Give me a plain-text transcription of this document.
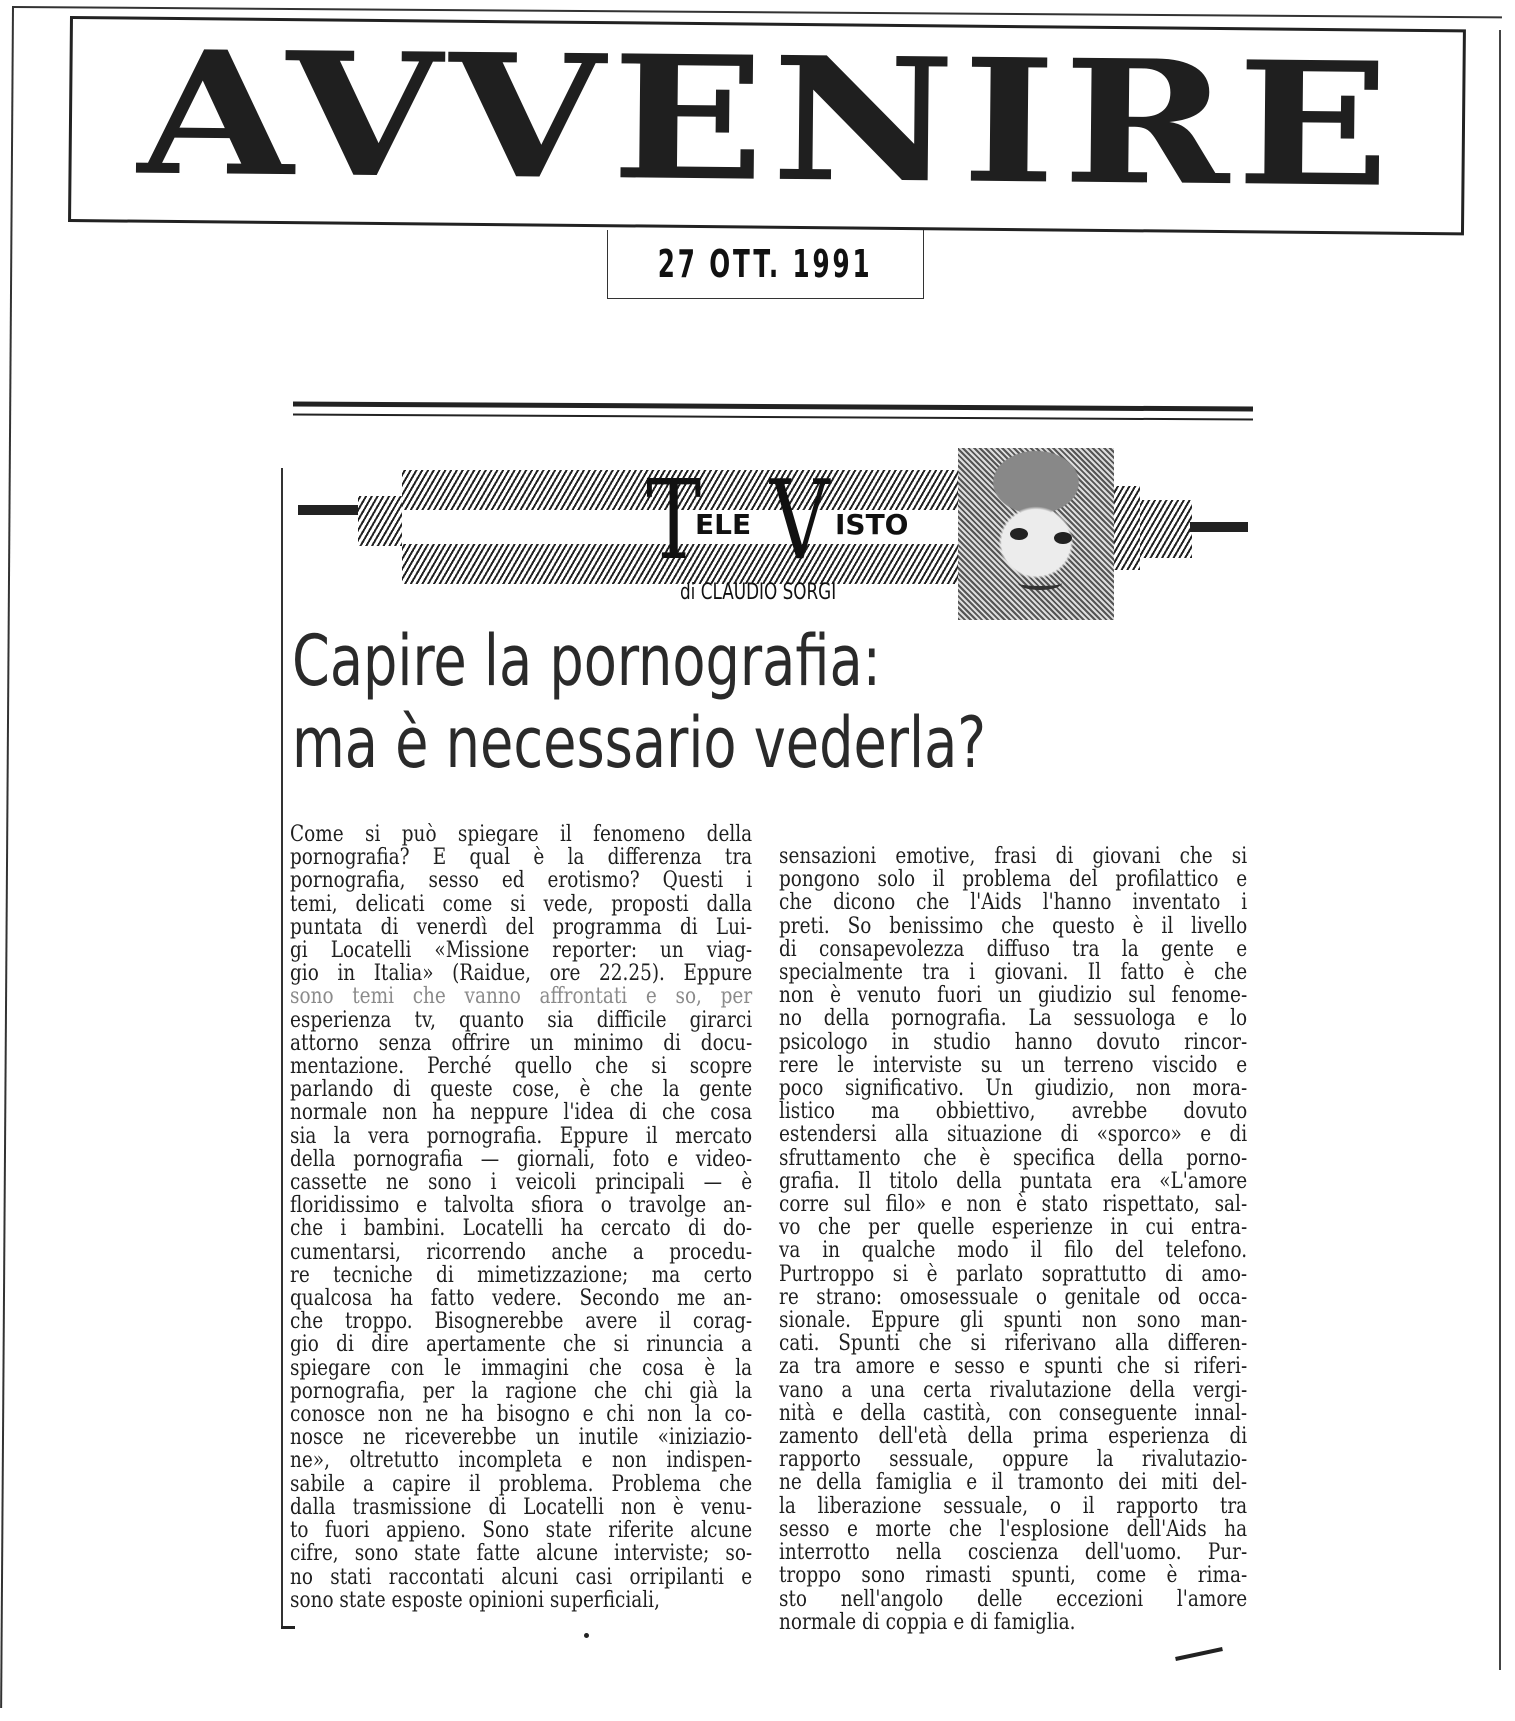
AVVENIRE
27 OTT. 1991
T
ELE V ISTO
di CLAUDIO SORGI
Capire la pornografia:
ma è necessario vederla?
Come si può spiegare il fenomeno della
pornografia? E qual è la differenza tra
pornografia, sesso ed erotismo? Questi i
temi, delicati come si vede, proposti dalla
puntata di venerdì del programma di Lui-
gi Locatelli «Missione reporter: un viag-
gio in Italia» (Raidue, ore 22.25). Eppure
sono temi che vanno affrontati e so, per
esperienza tv, quanto sia difficile girarci
attorno senza offrire un minimo di docu-
mentazione. Perché quello che si scopre
parlando di queste cose, è che la gente
normale non ha neppure l'idea di che cosa
sia la vera pornografia. Eppure il mercato
della pornografia — giornali, foto e video-
cassette ne sono i veicoli principali — è
floridissimo e talvolta sfiora o travolge an-
che i bambini. Locatelli ha cercato di do-
cumentarsi, ricorrendo anche a procedu-
re tecniche di mimetizzazione; ma certo
qualcosa ha fatto vedere. Secondo me an-
che troppo. Bisognerebbe avere il corag-
gio di dire apertamente che si rinuncia a
spiegare con le immagini che cosa è la
pornografia, per la ragione che chi già la
conosce non ne ha bisogno e chi non la co-
nosce ne riceverebbe un inutile «iniziazio-
ne», oltretutto incompleta e non indispen-
sabile a capire il problema. Problema che
dalla trasmissione di Locatelli non è venu-
to fuori appieno. Sono state riferite alcune
cifre, sono state fatte alcune interviste; so-
no stati raccontati alcuni casi orripilanti e
sono state esposte opinioni superficiali,
sensazioni emotive, frasi di giovani che si
pongono solo il problema del profilattico e
che dicono che l'Aids l'hanno inventato i
preti. So benissimo che questo è il livello
di consapevolezza diffuso tra la gente e
specialmente tra i giovani. Il fatto è che
non è venuto fuori un giudizio sul fenome-
no della pornografia. La sessuologa e lo
psicologo in studio hanno dovuto rincor-
rere le interviste su un terreno viscido e
poco significativo. Un giudizio, non mora-
listico ma obbiettivo, avrebbe dovuto
estendersi alla situazione di «sporco» e di
sfruttamento che è specifica della porno-
grafia. Il titolo della puntata era «L'amore
corre sul filo» e non è stato rispettato, sal-
vo che per quelle esperienze in cui entra-
va in qualche modo il filo del telefono.
Purtroppo si è parlato soprattutto di amo-
re strano: omosessuale o genitale od occa-
sionale. Eppure gli spunti non sono man-
cati. Spunti che si riferivano alla differen-
za tra amore e sesso e spunti che si riferi-
vano a una certa rivalutazione della vergi-
nità e della castità, con conseguente innal-
zamento dell'età della prima esperienza di
rapporto sessuale, oppure la rivalutazio-
ne della famiglia e il tramonto dei miti del-
la liberazione sessuale, o il rapporto tra
sesso e morte che l'esplosione dell'Aids ha
interrotto nella coscienza dell'uomo. Pur-
troppo sono rimasti spunti, come è rima-
sto nell'angolo delle eccezioni l'amore
normale di coppia e di famiglia.
